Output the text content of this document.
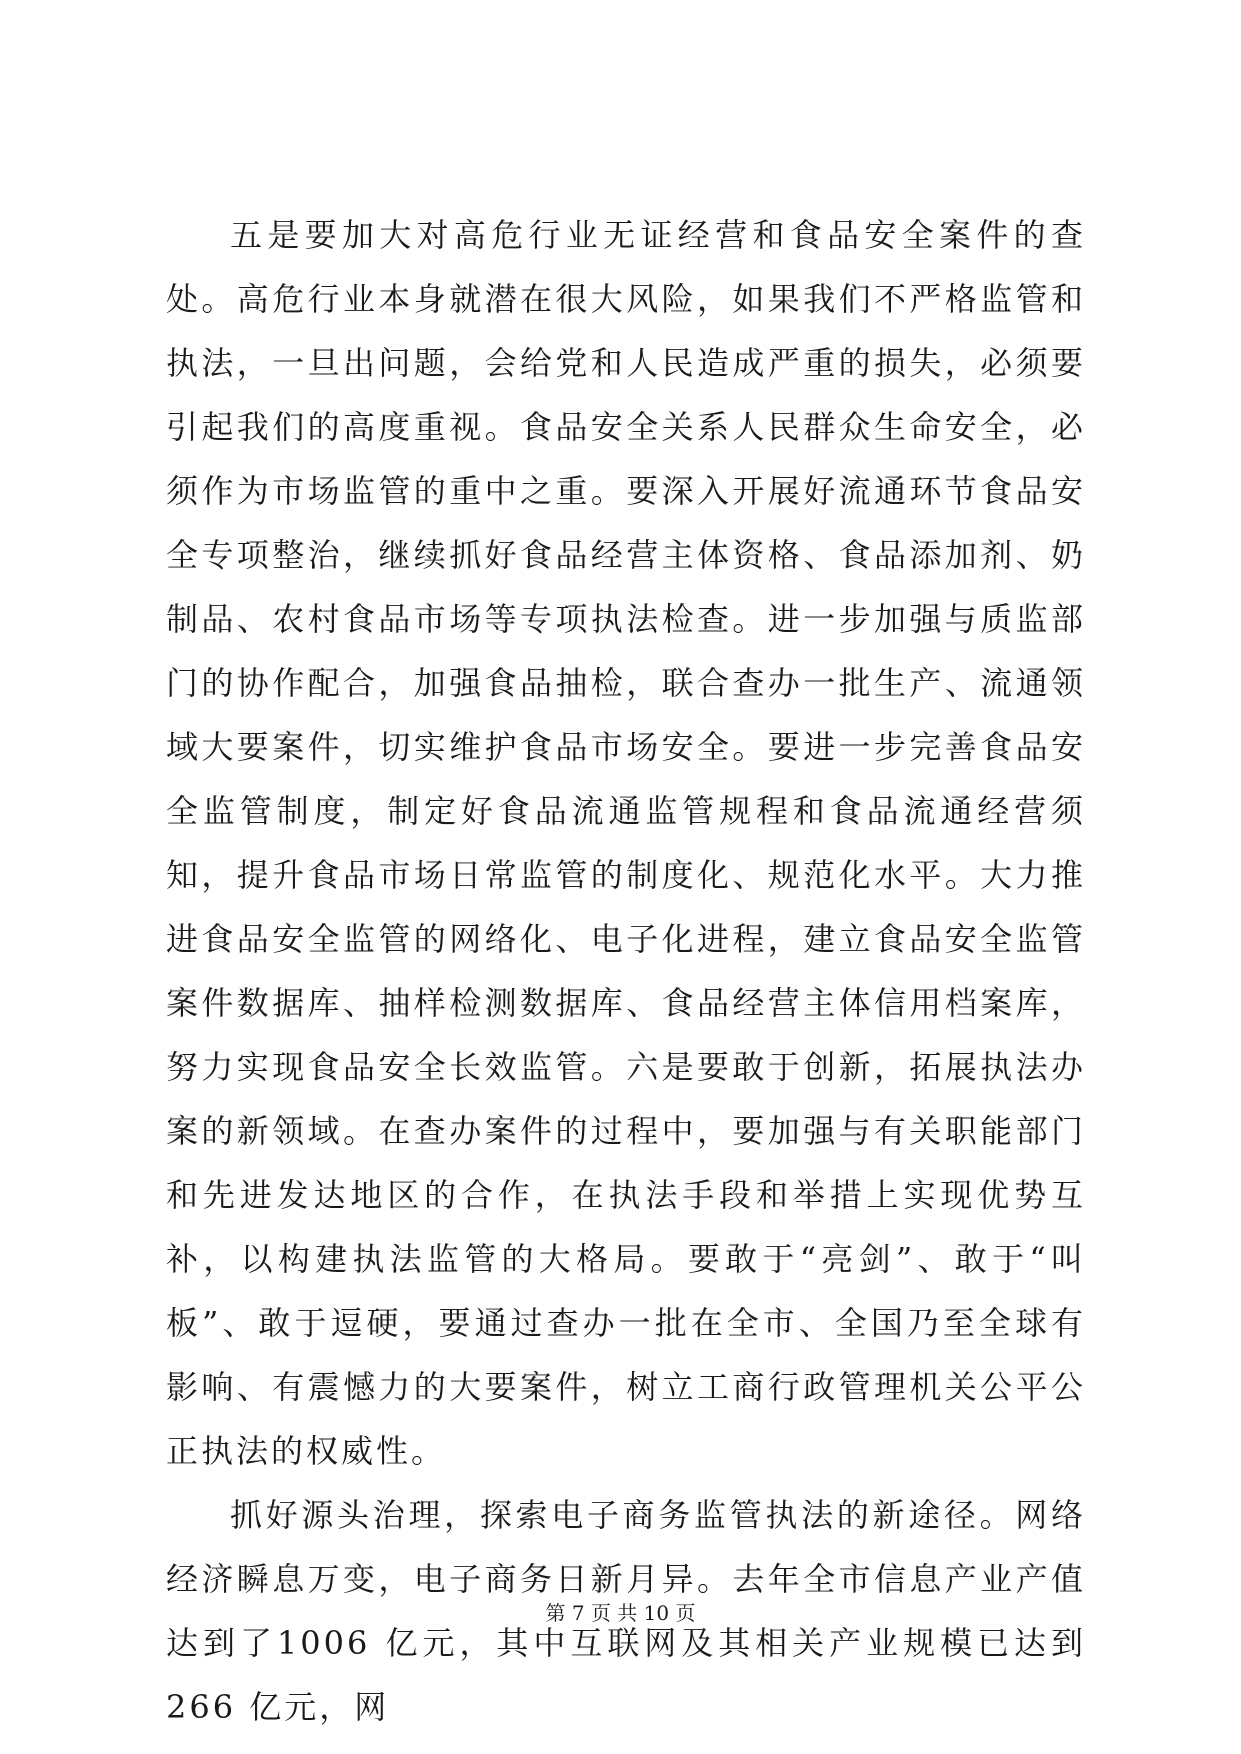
五是要加大对高危行业无证经营和食品安全案件的查处。高危行业本身就潜在很大风险，如果我们不严格监管和执法，一旦出问题，会给党和人民造成严重的损失，必须要引起我们的高度重视。食品安全关系人民群众生命安全，必须作为市场监管的重中之重。要深入开展好流通环节食品安全专项整治，继续抓好食品经营主体资格、食品添加剂、奶制品、农村食品市场等专项执法检查。进一步加强与质监部门的协作配合，加强食品抽检，联合查办一批生产、流通领域大要案件，切实维护食品市场安全。要进一步完善食品安全监管制度，制定好食品流通监管规程和食品流通经营须知，提升食品市场日常监管的制度化、规范化水平。大力推进食品安全监管的网络化、电子化进程，建立食品安全监管案件数据库、抽样检测数据库、食品经营主体信用档案库，努力实现食品安全长效监管。六是要敢于创新，拓展执法办案的新领域。在查办案件的过程中，要加强与有关职能部门和先进发达地区的合作，在执法手段和举措上实现优势互补，以构建执法监管的大格局。要敢于“亮剑”、敢于“叫板”、敢于逗硬，要通过查办一批在全市、全国乃至全球有影响、有震憾力的大要案件，树立工商行政管理机关公平公正执法的权威性。

抓好源头治理，探索电子商务监管执法的新途径。网络经济瞬息万变，电子商务日新月异。去年全市信息产业产值达到了1006 亿元，其中互联网及其相关产业规模已达到 266 亿元，网

第 7 页 共 10 页
